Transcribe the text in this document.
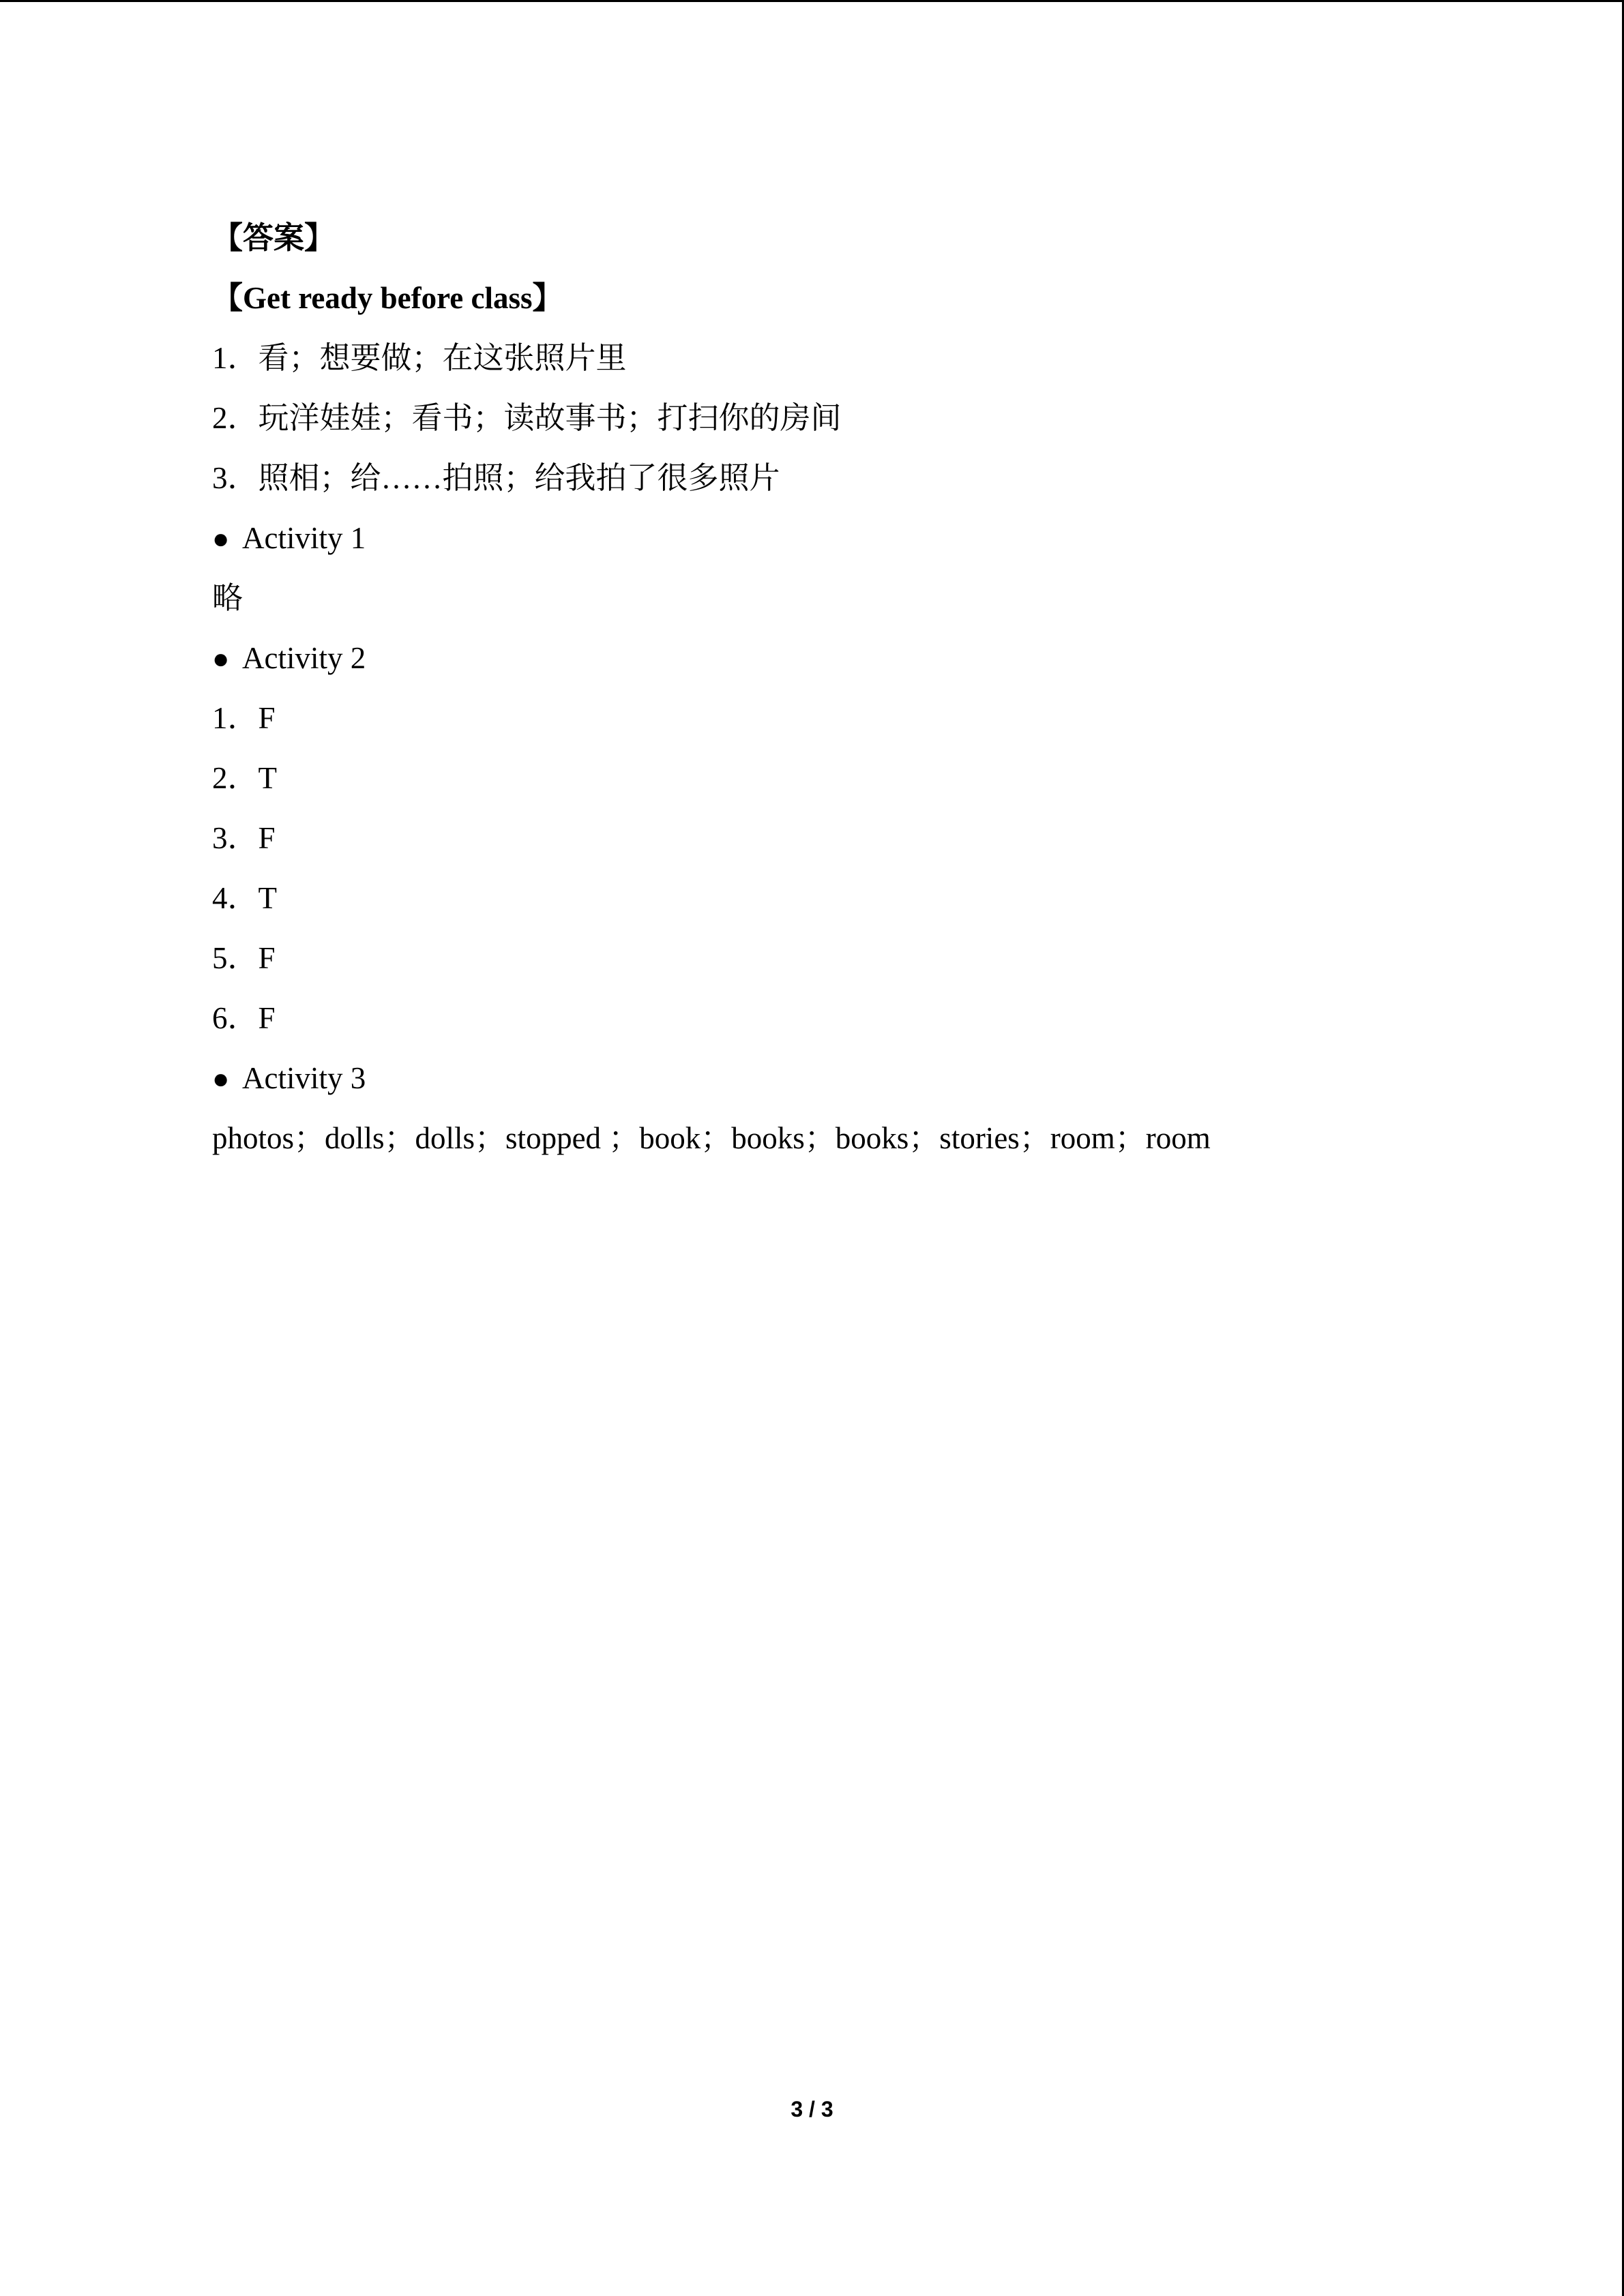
【答案】
【Get ready before class】
1．看；想要做；在这张照片里
2．玩洋娃娃；看书；读故事书；打扫你的房间
3．照相；给……拍照；给我拍了很多照片
● Activity 1
略
● Activity 2
1．F
2．T
3．F
4．T
5．F
6．F
● Activity 3
photos；dolls；dolls；stopped ；book；books；books；stories；room；room
3 / 3
